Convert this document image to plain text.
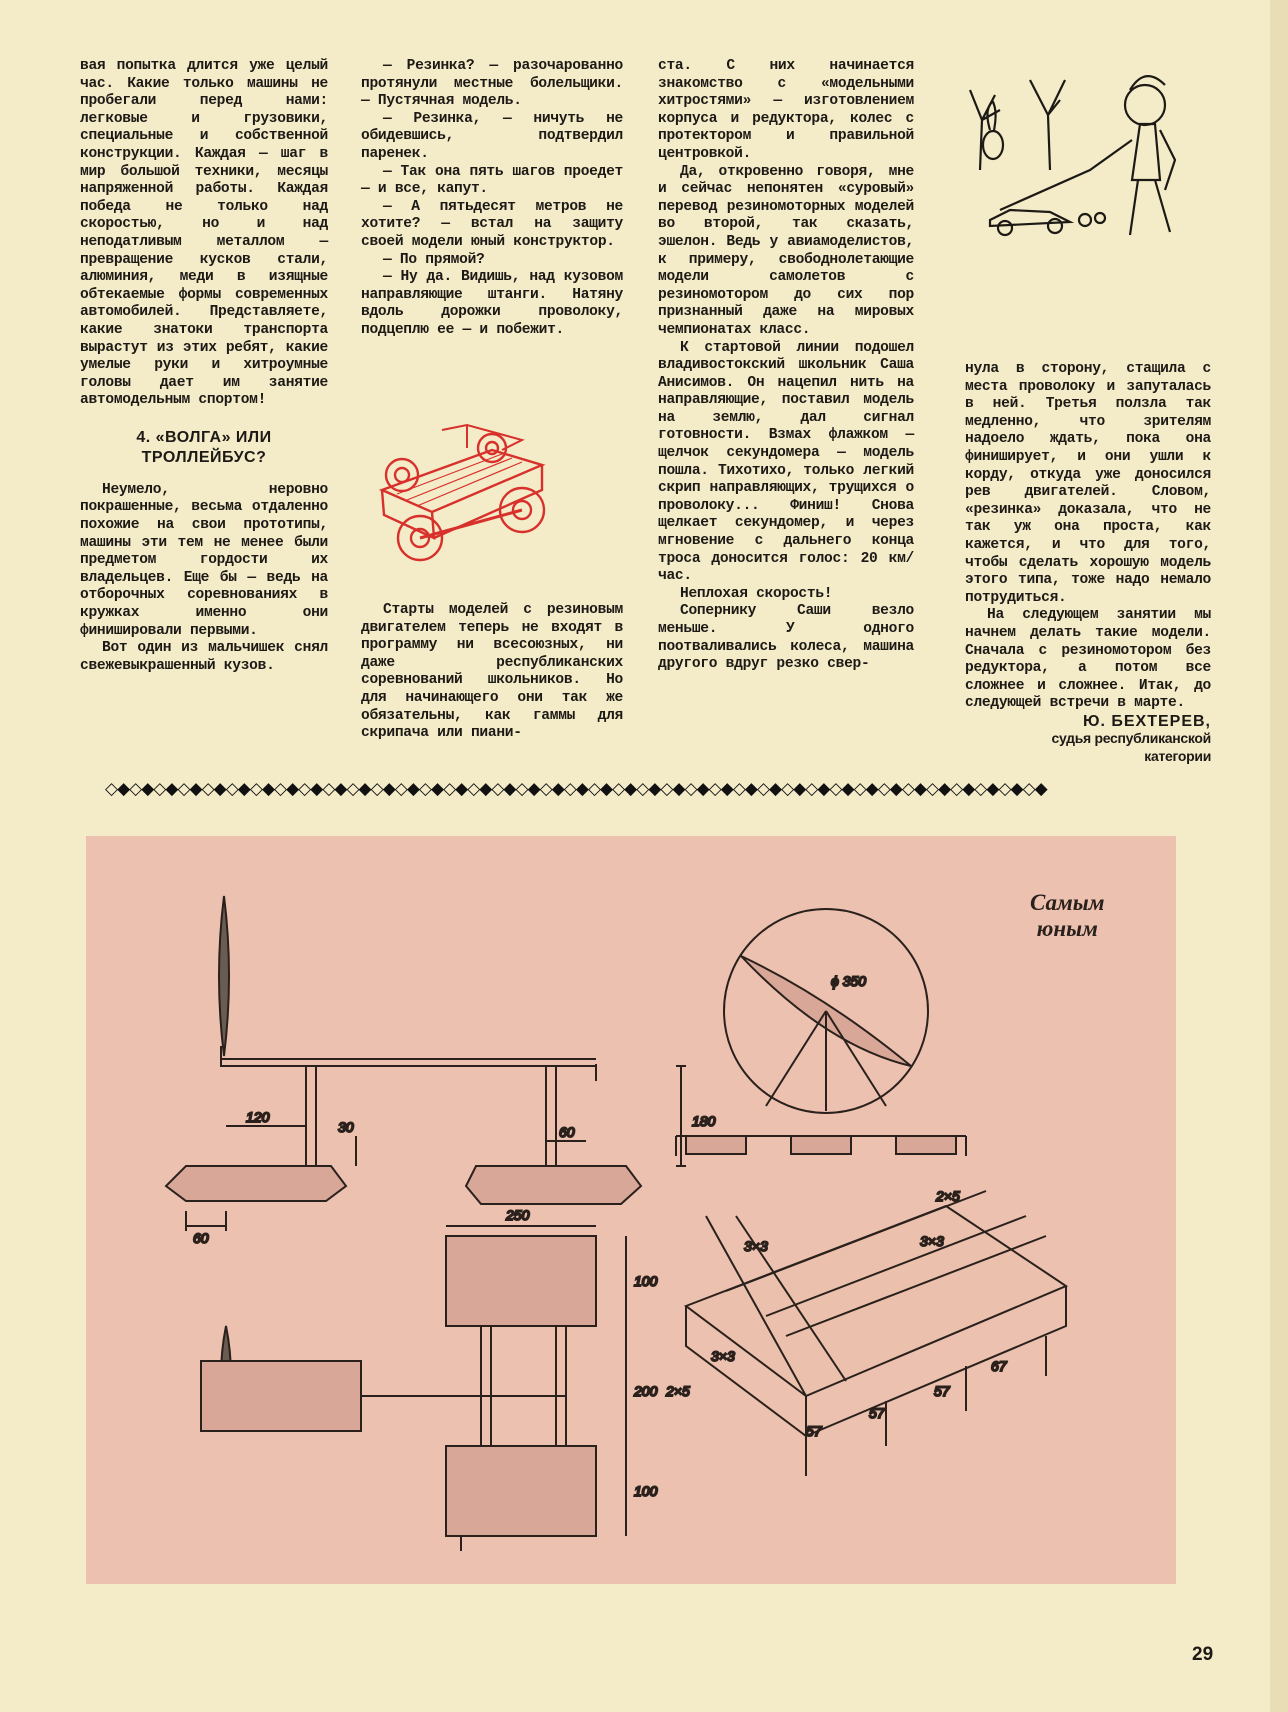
вая попытка длится уже целый час. Какие только машины не пробегали перед нами: легковые и грузовики, специальные и собственной конструкции. Каждая — шаг в мир большой техники, месяцы напряженной работы. Каждая победа не только над скоростью, но и над неподатливым металлом — превращение кусков стали, алюминия, меди в изящные обтекаемые формы современных автомобилей. Представляете, какие знатоки транспорта вырастут из этих ребят, какие умелые руки и хитроумные головы дает им занятие автомодельным спортом!

4. «ВОЛГА» ИЛИ ТРОЛЛЕЙБУС?

Неумело, неровно покрашенные, весьма отдаленно похожие на свои прототипы, машины эти тем не менее были предметом гордости их владельцев. Еще бы — ведь на отборочных соревнованиях в кружках именно они финишировали первыми.

Вот один из мальчишек снял свежевыкрашенный кузов.

— Резинка? — разочарованно протянули местные болельщики. — Пустячная модель.

— Резинка, — ничуть не обидевшись, подтвердил паренек.

— Так она пять шагов проедет — и все, капут.

— А пятьдесят метров не хотите? — встал на защиту своей модели юный конструктор.

— По прямой?

— Ну да. Видишь, над кузовом направляющие штанги. Натяну вдоль дорожки проволоку, подцеплю ее — и побежит.

Старты моделей с резиновым двигателем теперь не входят в программу ни всесоюзных, ни даже республиканских соревнований школьников. Но для начинающего они так же обязательны, как гаммы для скрипача или пиани-

ста. С них начинается знакомство с «модельными хитростями» — изготовлением корпуса и редуктора, колес с протектором и правильной центровкой.

Да, откровенно говоря, мне и сейчас непонятен «суровый» перевод резиномоторных моделей во второй, так сказать, эшелон. Ведь у авиамоделистов, к примеру, свободнолетающие модели самолетов с резиномотором до сих пор признанный даже на мировых чемпионатах класс.

К стартовой линии подошел владивостокский школьник Саша Анисимов. Он нацепил нить на направляющие, поставил модель на землю, дал сигнал готовности. Взмах флажком — щелчок секундомера — модель пошла. Тихотихо, только легкий скрип направляющих, трущихся о проволоку... Финиш! Снова щелкает секундомер, и через мгновение с дальнего конца троса доносится голос: 20 км/час.

Неплохая скорость!

Сопернику Саши везло меньше. У одного поотваливались колеса, машина другого вдруг резко свер-

нула в сторону, стащила с места проволоку и запуталась в ней. Третья ползла так медленно, что зрителям надоело ждать, пока она финиширует, и они ушли к корду, откуда уже доносился рев двигателей. Словом, «резинка» доказала, что не так уж она проста, как кажется, и что для того, чтобы сделать хорошую модель этого типа, тоже надо немало потрудиться.

На следующем занятии мы начнем делать такие модели. Сначала с резиномотором без редуктора, а потом все сложнее и сложнее. Итак, до следующей встречи в марте.

Ю. БЕХТЕРЕВ,
судья республиканской
категории
◇◆◇◆◇◆◇◆◇◆◇◆◇◆◇◆◇◆◇◆◇◆◇◆◇◆◇◆◇◆◇◆◇◆◇◆◇◆◇◆◇◆◇◆◇◆◇◆◇◆◇◆◇◆◇◆◇◆◇◆◇◆◇◆◇◆◇◆◇◆◇◆◇◆◇◆◇◆
120
30
60
60
180
250
100
200
100
ϕ 350
2×5
2×5
3×3	3×3
3×3
57
57
57
67
Самым
юным
29
